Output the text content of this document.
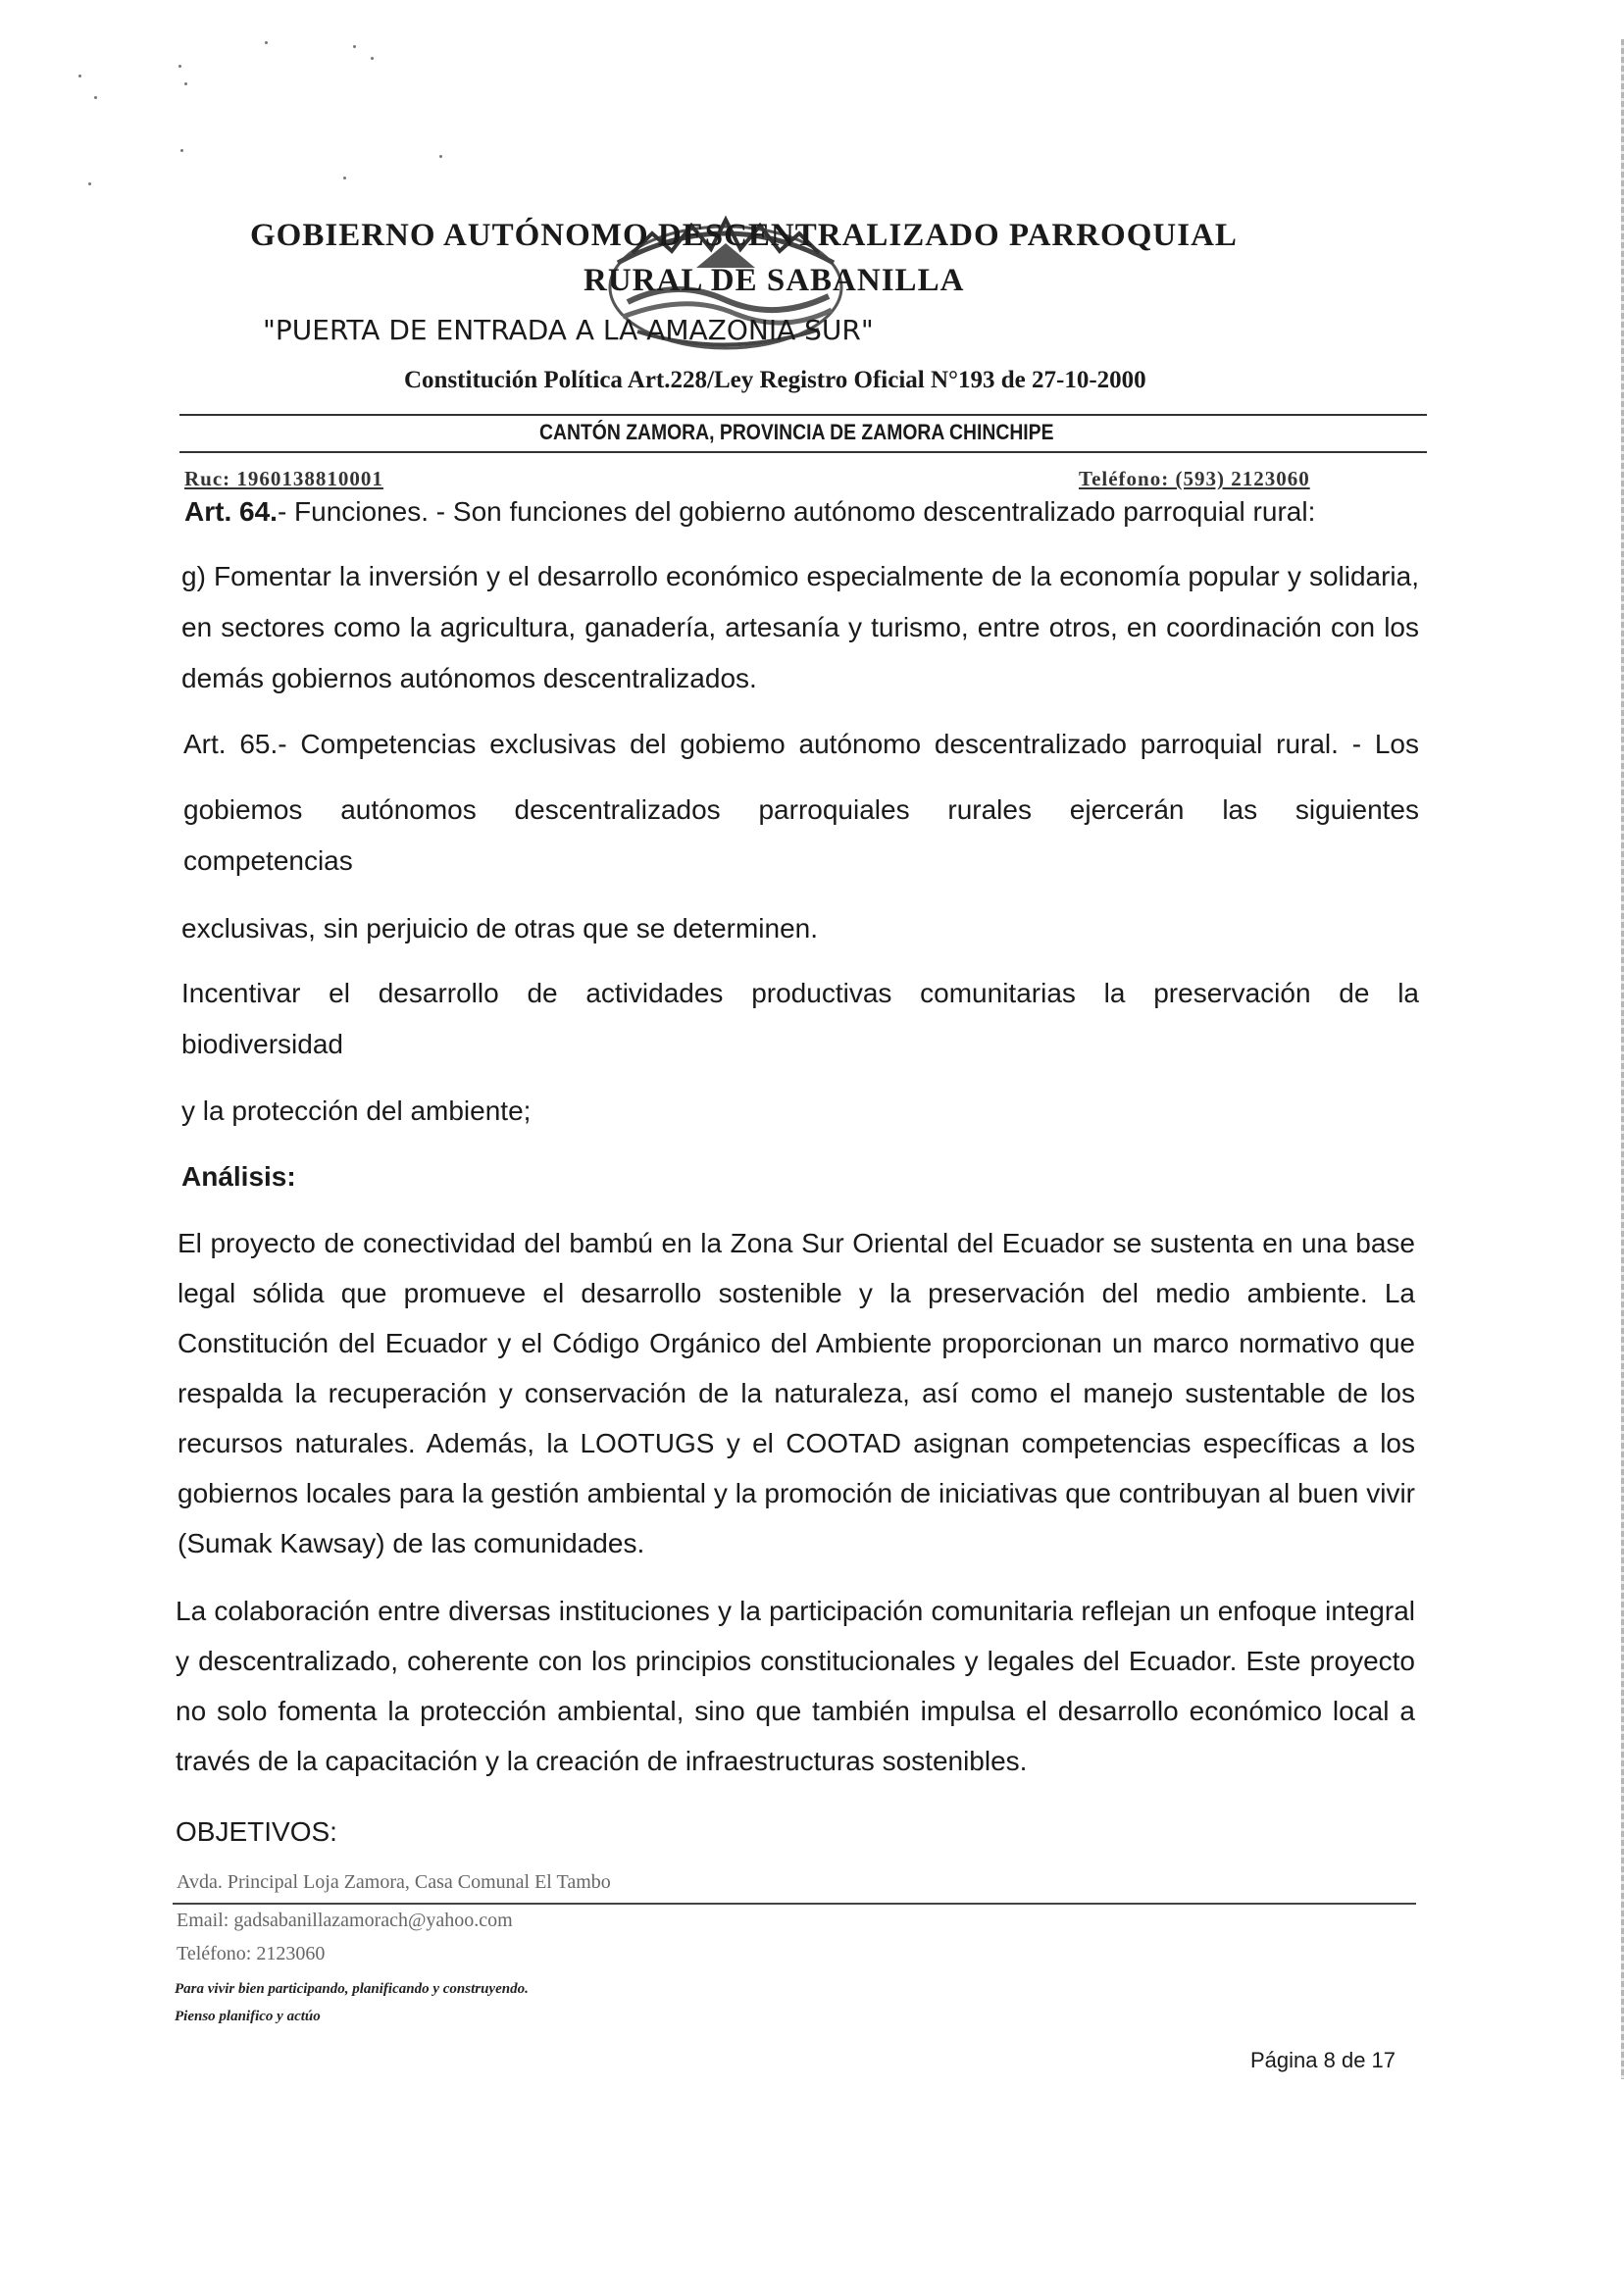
GOBIERNO AUTÓNOMO DESCENTRALIZADO PARROQUIAL
RURAL DE SABANILLA
"PUERTA DE ENTRADA A LA AMAZONIA SUR"
Constitución Política Art.228/Ley Registro Oficial N°193 de 27-10-2000
CANTÓN ZAMORA, PROVINCIA DE ZAMORA CHINCHIPE
Ruc: 1960138810001	Teléfono: (593) 2123060
Art. 64.- Funciones. - Son funciones del gobierno autónomo descentralizado parroquial rural:
g) Fomentar la inversión y el desarrollo económico especialmente de la economía popular y solidaria, en sectores como la agricultura, ganadería, artesanía y turismo, entre otros, en coordinación con los demás gobiernos autónomos descentralizados.
Art. 65.- Competencias exclusivas del gobiemo autónomo descentralizado parroquial rural. - Los
gobiemos autónomos descentralizados parroquiales rurales ejercerán las siguientes
competencias
exclusivas, sin perjuicio de otras que se determinen.
Incentivar el desarrollo de actividades productivas comunitarias la preservación de la
biodiversidad
y la protección del ambiente;
Análisis:
El proyecto de conectividad del bambú en la Zona Sur Oriental del Ecuador se sustenta en una base legal sólida que promueve el desarrollo sostenible y la preservación del medio ambiente. La Constitución del Ecuador y el Código Orgánico del Ambiente proporcionan un marco normativo que respalda la recuperación y conservación de la naturaleza, así como el manejo sustentable de los recursos naturales. Además, la LOOTUGS y el COOTAD asignan competencias específicas a los gobiernos locales para la gestión ambiental y la promoción de iniciativas que contribuyan al buen vivir (Sumak Kawsay) de las comunidades.
La colaboración entre diversas instituciones y la participación comunitaria reflejan un enfoque integral y descentralizado, coherente con los principios constitucionales y legales del Ecuador. Este proyecto no solo fomenta la protección ambiental, sino que también impulsa el desarrollo económico local a través de la capacitación y la creación de infraestructuras sostenibles.
OBJETIVOS:
Avda. Principal Loja Zamora, Casa Comunal El Tambo
Email: gadsabanillazamorach@yahoo.com
Teléfono: 2123060
Para vivir bien participando, planificando y construyendo.
Pienso planifico y actúo
Página 8 de 17
